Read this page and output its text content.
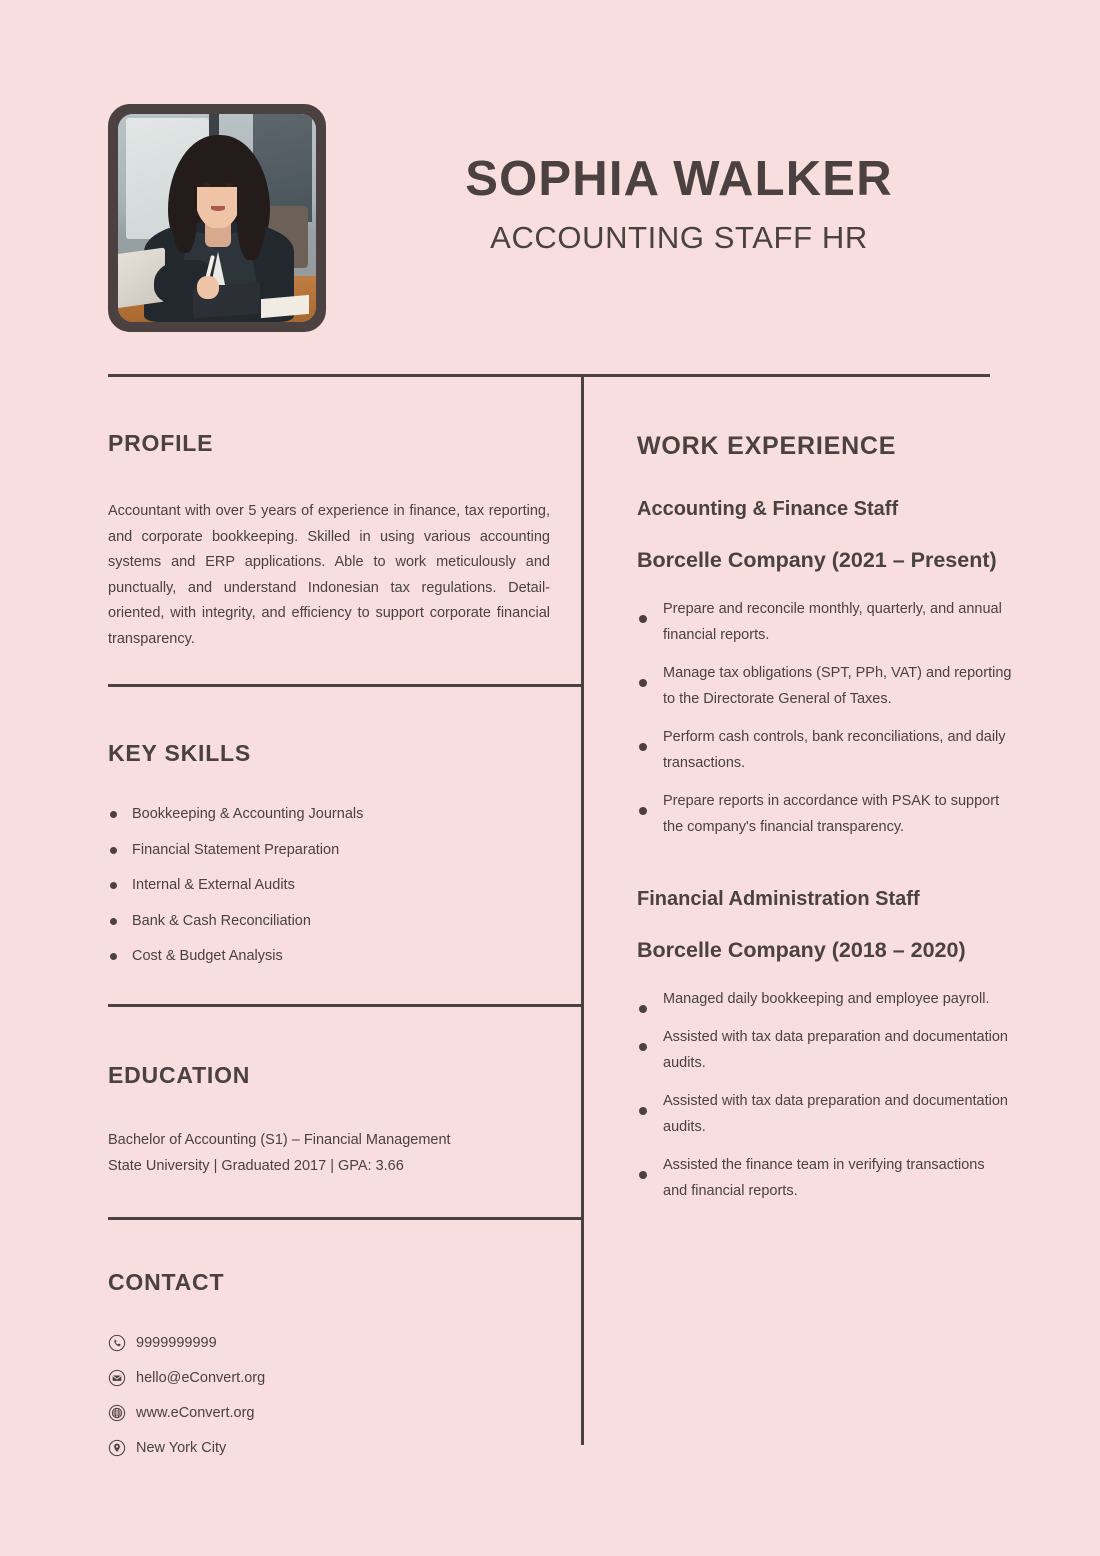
SOPHIA WALKER
ACCOUNTING STAFF HR
PROFILE

Accountant with over 5 years of experience in finance, tax reporting, and corporate bookkeeping. Skilled in using various accounting systems and ERP applications. Able to work meticulously and punctually, and understand Indonesian tax regulations. Detail-oriented, with integrity, and efficiency to support corporate financial transparency.

KEY SKILLS
Bookkeeping & Accounting Journals
Financial Statement Preparation
Internal & External Audits
Bank & Cash Reconciliation
Cost & Budget Analysis
EDUCATION
Bachelor of Accounting (S1) – Financial Management
State University | Graduated 2017 | GPA: 3.66
CONTACT
9999999999
hello@eConvert.org
www.eConvert.org
New York City
WORK EXPERIENCE
Accounting & Finance Staff
Borcelle Company (2021 – Present)
Prepare and reconcile monthly, quarterly, and annual financial reports.
Manage tax obligations (SPT, PPh, VAT) and reporting to the Directorate General of Taxes.
Perform cash controls, bank reconciliations, and daily transactions.
Prepare reports in accordance with PSAK to support the company's financial transparency.
Financial Administration Staff
Borcelle Company (2018 – 2020)
Managed daily bookkeeping and employee payroll.
Assisted with tax data preparation and documentation audits.
Assisted with tax data preparation and documentation audits.
Assisted the finance team in verifying transactions and financial reports.
